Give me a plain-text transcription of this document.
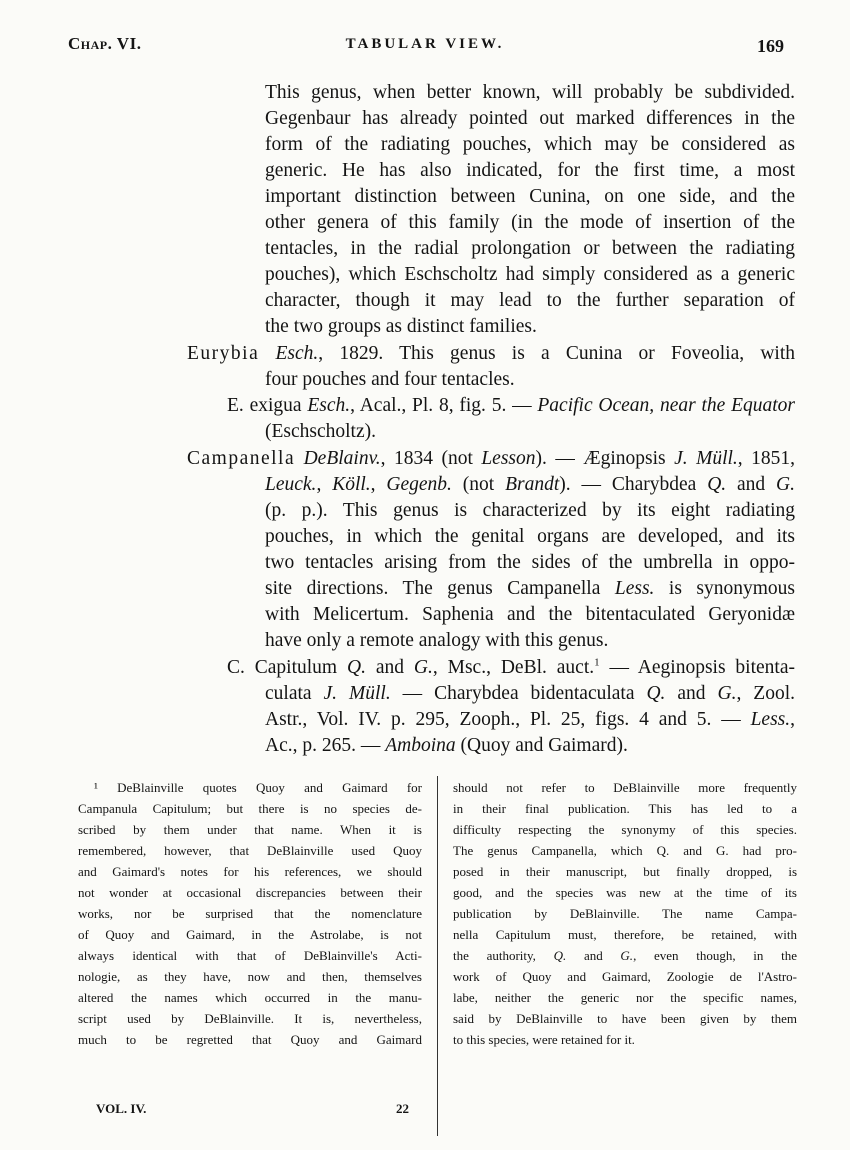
Chap. VI.	TABULAR VIEW.	169
This genus, when better known, will probably be subdivided.
Gegenbaur has already pointed out marked differences in the
form of the radiating pouches, which may be considered as
generic. He has also indicated, for the first time, a most
important distinction between Cunina, on one side, and the
other genera of this family (in the mode of insertion of the
tentacles, in the radial prolongation or between the radiating
pouches), which Eschscholtz had simply considered as a generic
character, though it may lead to the further separation of
the two groups as distinct families.
Eurybia Esch., 1829. This genus is a Cunina or Foveolia, with
four pouches and four tentacles.
E. exigua Esch., Acal., Pl. 8, fig. 5. — Pacific Ocean, near the Equator
(Eschscholtz).
Campanella DeBlainv., 1834 (not Lesson). — Æginopsis J. Müll., 1851,
Leuck., Köll., Gegenb. (not Brandt). — Charybdea Q. and G.
(p. p.). This genus is characterized by its eight radiating
pouches, in which the genital organs are developed, and its
two tentacles arising from the sides of the umbrella in oppo-
site directions. The genus Campanella Less. is synonymous
with Melicertum. Saphenia and the bitentaculated Geryonidæ
have only a remote analogy with this genus.
C. Capitulum Q. and G., Msc., DeBl. auct.$^1$ — Aeginopsis bitenta-
culata J. Müll. — Charybdea bidentaculata Q. and G., Zool.
Astr., Vol. IV. p. 295, Zooph., Pl. 25, figs. 4 and 5. — Less.,
Ac., p. 265. — Amboina (Quoy and Gaimard).
¹ DeBlainville quotes Quoy and Gaimard for
Campanula Capitulum; but there is no species de-
scribed by them under that name. When it is
remembered, however, that DeBlainville used Quoy
and Gaimard's notes for his references, we should
not wonder at occasional discrepancies between their
works, nor be surprised that the nomenclature
of Quoy and Gaimard, in the Astrolabe, is not
always identical with that of DeBlainville's Acti-
nologie, as they have, now and then, themselves
altered the names which occurred in the manu-
script used by DeBlainville. It is, nevertheless,
much to be regretted that Quoy and Gaimard
should not refer to DeBlainville more frequently
in their final publication. This has led to a
difficulty respecting the synonymy of this species.
The genus Campanella, which Q. and G. had pro-
posed in their manuscript, but finally dropped, is
good, and the species was new at the time of its
publication by DeBlainville. The name Campa-
nella Capitulum must, therefore, be retained, with
the authority, Q. and G., even though, in the
work of Quoy and Gaimard, Zoologie de l'Astro-
labe, neither the generic nor the specific names,
said by DeBlainville to have been given by them
to this species, were retained for it.
VOL. IV.	22
